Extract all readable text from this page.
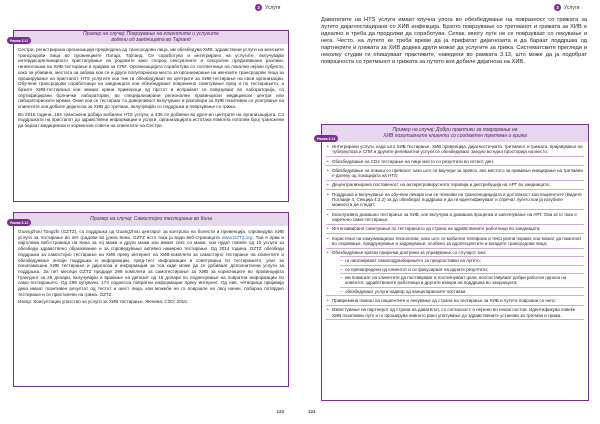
3	Услуги
Рамка 3.11
Пример на случај: Поврзување на клиентите и услугите
водени од заедницата во Тајланд

Сестри, регистрирана организација предводена од трансродови лица, им обезбедува ХИВ, здравствени услуги на женските трансродови лица во провинциите Патаја, Тајланд. Се соработува и интегрирано на услугите, вклучувајќи интердисциплинарното пристапување на родовите како според сексуалните и сексуални предизвикани разлики, гинеколошки на ХИВ-тестирање и пријави за СПИ. Организацијата соработува со соответнице на локални нејзин субјекти, како за убавина, местата за забава кои се и други популарниска места за организирање на женските трансродови лица за проширување на пристапот. HTS услугите кои тие ги обезбедуваат во центрите за ХИВ-тестирање на свои организации. Обучени трансродови соработници на заедницата кои обезбедуваат повремено советување пред и по тестирањето, а брзите ХИВ-тестирања кои земаат крвни примероци од прстот и испраќаат се поврзуваат во лабораторија, со сертифицирани болнички лаборатории, во специјализирани регионални провинциски медицински центри или лабораториските мрежи. Оние кои се тестираат со доверливост вклучуваат и разговори за ХИВ позитивни со упатување на клиентите кои добиле дијагноза за ХИВ до третман, вклучувајќи со поддршка и поврзување со грижа.

Во 2015 година, 154 трансжени добија мобилни HTS услуги, а 435 се добиени во дроп-ин центрите на организацијата. Со поддршката на пристапот до здравствени информации и услуги, организацијата истотака помогна поголем број трансжени да бараат медицински и хормонски совети на клиентите на Сестри.

Рамка 3.12
Пример на случај: Самостојно тестирање во Кина

Guangzhou Tongzhi (GZTZ), со поддршка од Guangzhou центарот за контрола на болести и превенција, спроведува ХИВ услуги за тестирање во пет градови во јужна Кина. GZTZ исто така ја води веб-страницата www.GZTZ.org. Таа е прва и најголема веб-страница на Кина за геј мажи и други мажи кои имаат секс со мажи, кои нудат повеќе од 10 услуги за обезбеди здравствено образование и за спроведување активно намерно тестирање. Од 2014 година, GZTZ обезбеди поддршка за самостојно тестирање на ХИВ преку интернет на ХИВ-комплети за самостојно тестирање на клиентите и обезбедување онлајн поддршка и информации, пред-тест информации и советувања по тестирањето, упат за понатамошни ХИВ тестирање и дијагноза и информации за тоа каде може да се добиваат дополнителни услуги за поддршка. За пет месеци GZTZ продаде 299 комплети за самотестирање за ХИВ за корисниците во провинцијата Гуангдонг за 25 долари, вклучувајќи и враќање на депозит од 16 долари по поднесување на повратни информации по само-тестирањето. Од 299 купувачи, 174 поднесоа повратни информации преку интернет. Од нив, четворица пријавија дека имаат позитивен резултат од тестот и шест лица, кои можеби не го поврзале на овој начин, побараа потврдно тестирање и се пристапени на грижа. GZTZ.

Извор: Консултации упатство за услуги за ХИВ тестирање. Женева: СЗО; 2015.

123
3	Услуги
124
Давателите на HTS услуги имаат клучна улога во обезбедување на повразност со грижата за лутето дијагностицирани со ХИВ инфекција. Брзото поврзување со третманот и грижата за ХИВ е идеално и треба да продолжи да соработува. Сепак, многу луѓе не се поврзуваат со лекување и нега. Честo, на лутето ке треба време да ја прифатат дијагнозата и да бараат поддршка од партнерите и грижата за ХИВ додека други можат да услугите за грижа. Систематските прегледи и неколку студии ги опишуваат практиките, наведени во рамката 3.13, што може да ја подобрат повразноста со третманот и грижата за лутето кои добиле дијагноза на ХИВ.
Рамка 3.13
Пример на случај: Добри практики за поврзување на
ХИВ позитивните клиенти со соодветен третман и грижа
• Интегрирани услуги, каде што ХИВ тестирање, ХИВ превенција, дијагностичката, третманот и грижата, пријавување на туберкулоза и СПИ и другите релевантни услуги се обезбедуваат заедно во една просторија на место;
• Обезбедување на CD4 тестирање на лице место со резултати во истиот ден;
• Обезбедување на помош со превозот, како што се ваучери за превоз, ако местото за примање иницирање на третмани е далеку од локацијата на HTS;
• Децентрализирана поставеност на антиретровирусната терапија и дистрибуција на АРТ во заедницата;
• Поддршка и вклучување на обучени лекари кои се членови на трансенодицијата и достапност кои пациентите (Видете Поглавје 4, Секција 4.2.2) за да обезбедат поддршка и да ги идентификуваат и спречат луѓето кои ја изгубиле можноста да следат;
• Ексклузивно домашно тестирање за ХИВ, кое вклучува и домашна проценка и започнување на АРТ. Ова исто така е наречено само-тестирање;
• Интензивирано советување по тестирањето од страна на здравствените работници во заедницата;
• Користење на комуникациски технологии, како што се мобилни телефони и текстуални пораки, кои можат да помогнат во откривање, придружување и задржување, особено за адолесцентите и младите трансродови лица;
• Обезбедување кратки прирачки доктрини за управување со случајот, кои:
– ги наплаќуваат самоподразбирањето за предпоставки на луѓето;
– се пренапредени од клиентот и се фокусираат на идните резултати;
– им помагаат на клиентите да поставуваат и постигнуваат цели, воспоставуваат добри работни односи на клиентот, здравствените работници и другите извори на поддршка во заедницата;
– обезбедуваат услуги надвор од канцелариските поставки.
• Привремена помош на пациентите и лекување од страна на тестирање за ХИВ и лутета поврзани со нега;
• Известување на партнерот од страна на давателот, со согласност, а нејзино во некои постои. Идентификува повеќе ХИВ позитивни луѓе и го проширува нивното рано упатување до здравствените установи за третман и грижа.
